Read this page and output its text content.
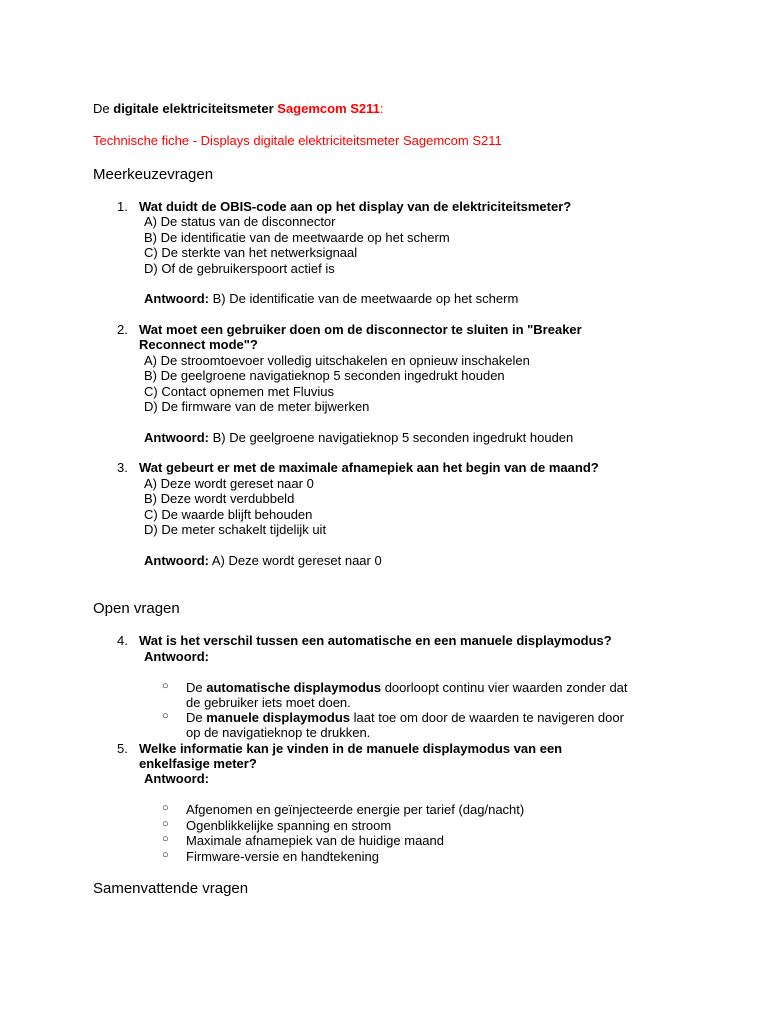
De digitale elektriciteitsmeter Sagemcom S211:
Technische fiche - Displays digitale elektriciteitsmeter Sagemcom S211
Meerkeuzevragen
1. Wat duidt de OBIS-code aan op het display van de elektriciteitsmeter?
A) De status van de disconnector
B) De identificatie van de meetwaarde op het scherm
C) De sterkte van het netwerksignaal
D) Of de gebruikerspoort actief is
Antwoord: B) De identificatie van de meetwaarde op het scherm
2. Wat moet een gebruiker doen om de disconnector te sluiten in "Breaker
Reconnect mode"?
A) De stroomtoevoer volledig uitschakelen en opnieuw inschakelen
B) De geelgroene navigatieknop 5 seconden ingedrukt houden
C) Contact opnemen met Fluvius
D) De firmware van de meter bijwerken
Antwoord: B) De geelgroene navigatieknop 5 seconden ingedrukt houden
3. Wat gebeurt er met de maximale afnamepiek aan het begin van de maand?
A) Deze wordt gereset naar 0
B) Deze wordt verdubbeld
C) De waarde blijft behouden
D) De meter schakelt tijdelijk uit
Antwoord: A) Deze wordt gereset naar 0
Open vragen
4. Wat is het verschil tussen een automatische en een manuele displaymodus?
Antwoord:
○ De automatische displaymodus doorloopt continu vier waarden zonder dat
de gebruiker iets moet doen.
○ De manuele displaymodus laat toe om door de waarden te navigeren door
op de navigatieknop te drukken.
5. Welke informatie kan je vinden in de manuele displaymodus van een
enkelfasige meter?
Antwoord:
○ Afgenomen en geïnjecteerde energie per tarief (dag/nacht)
○ Ogenblikkelijke spanning en stroom
○ Maximale afnamepiek van de huidige maand
○ Firmware-versie en handtekening
Samenvattende vragen
